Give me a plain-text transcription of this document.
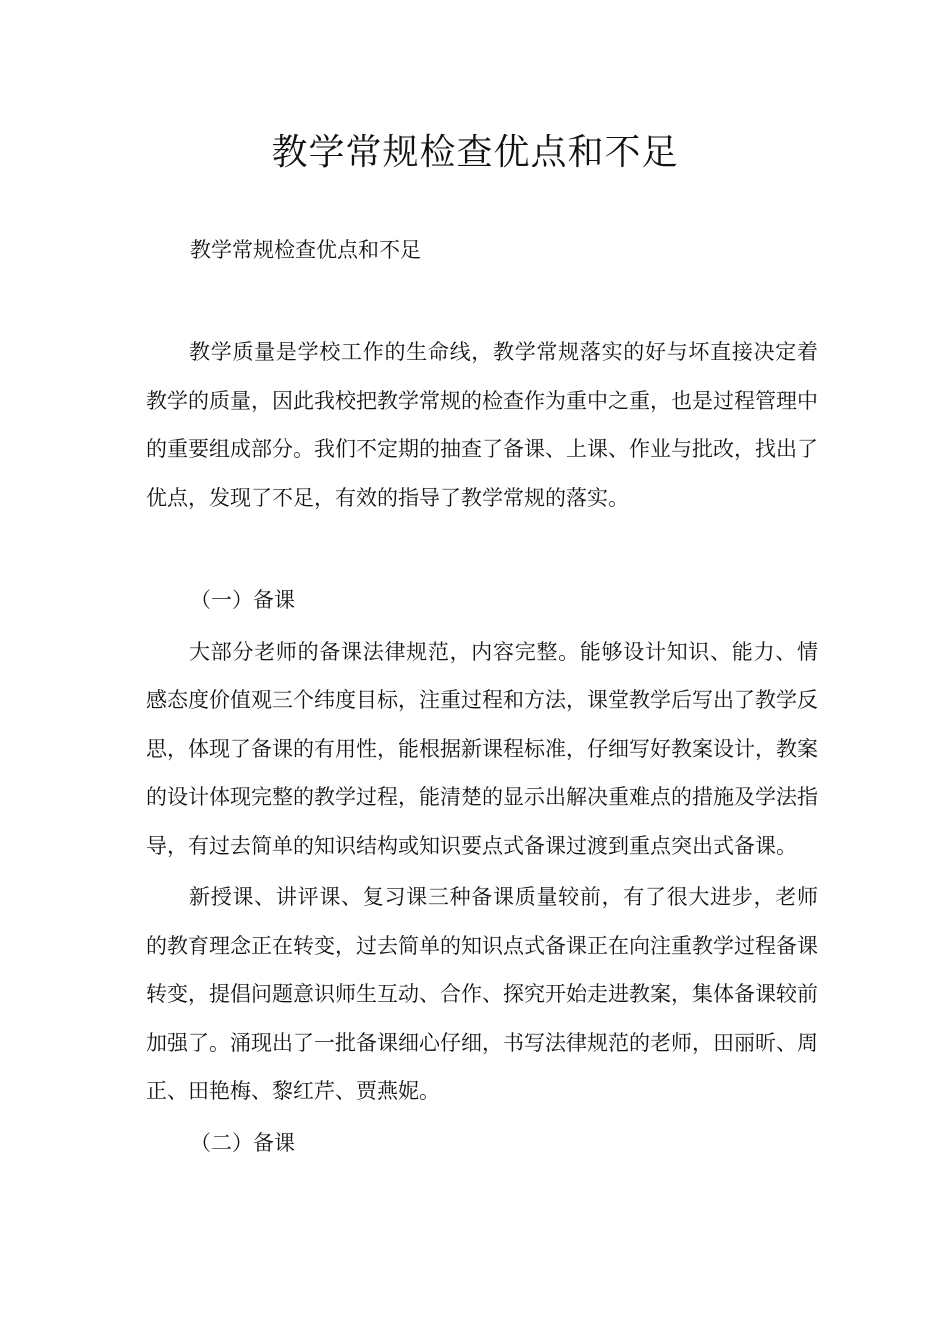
教学常规检查优点和不足

教学常规检查优点和不足

教学质量是学校工作的生命线，教学常规落实的好与坏直接决定着教学的质量，因此我校把教学常规的检查作为重中之重，也是过程管理中的重要组成部分。我们不定期的抽查了备课、上课、作业与批改，找出了优点，发现了不足，有效的指导了教学常规的落实。

（一）备课

大部分老师的备课法律规范，内容完整。能够设计知识、能力、情感态度价值观三个纬度目标，注重过程和方法，课堂教学后写出了教学反思，体现了备课的有用性，能根据新课程标准，仔细写好教案设计，教案的设计体现完整的教学过程，能清楚的显示出解决重难点的措施及学法指导，有过去简单的知识结构或知识要点式备课过渡到重点突出式备课。

新授课、讲评课、复习课三种备课质量较前，有了很大进步，老师的教育理念正在转变，过去简单的知识点式备课正在向注重教学过程备课转变，提倡问题意识师生互动、合作、探究开始走进教案，集体备课较前加强了。涌现出了一批备课细心仔细，书写法律规范的老师，田丽昕、周正、田艳梅、黎红芹、贾燕妮。

（二）备课
